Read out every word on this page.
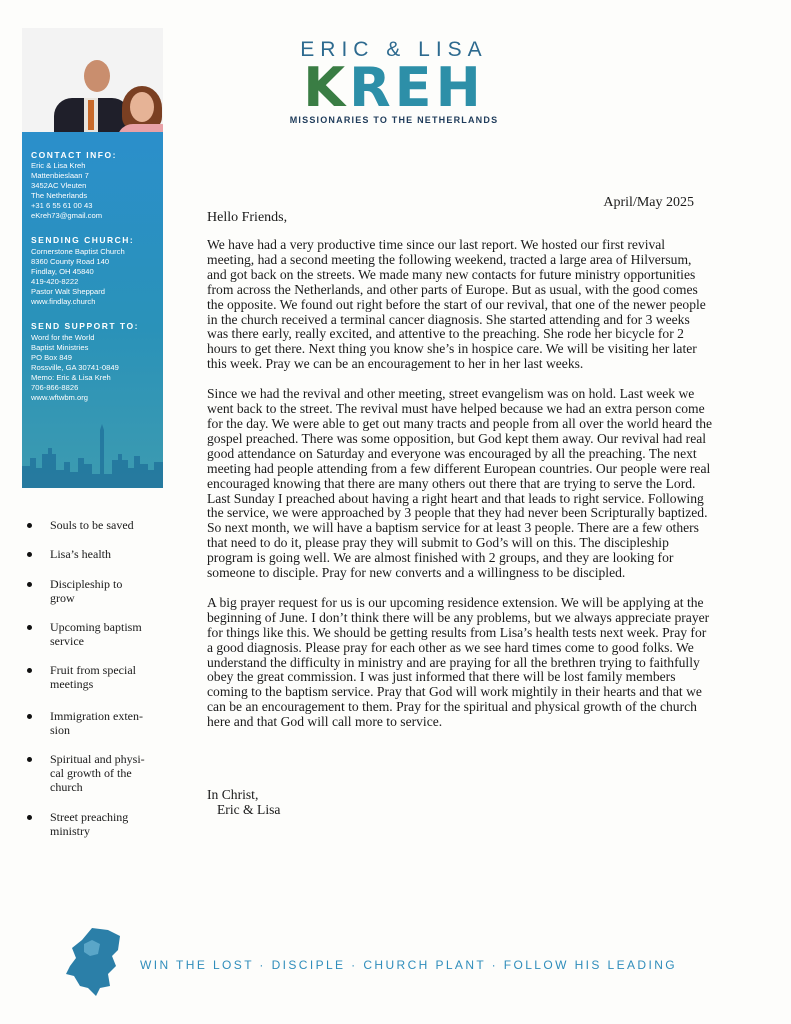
ERIC & LISA
KREH
MISSIONARIES TO THE NETHERLANDS
CONTACT INFO:
Eric & Lisa Kreh
Mattenbieslaan 7
3452AC Vleuten
The Netherlands
+31 6 55 61 00 43
eKreh73@gmail.com
SENDING CHURCH:
Cornerstone Baptist Church
8360 County Road 140
Findlay, OH 45840
419-420-8222
Pastor Walt Sheppard
www.findlay.church
SEND SUPPORT TO:
Word for the World
Baptist Ministries
PO Box 849
Rossville, GA 30741-0849
Memo: Eric & Lisa Kreh
706-866-8826
www.wftwbm.org
Souls to be saved
Lisa’s health
Discipleship to
grow
Upcoming baptism
service
Fruit from special
meetings
Immigration exten-
sion
Spiritual and physi-
cal growth of the
church
Street preaching
ministry
April/May 2025
Hello Friends,

We have had a very productive time since our last report. We hosted our first revival meeting, had a second meeting the following weekend, tracted a large area of Hilversum, and got back on the streets. We made many new contacts for future ministry opportunities from across the Netherlands, and other parts of Europe. But as usual, with the good comes the opposite. We found out right before the start of our revival, that one of the newer people in the church received a terminal cancer diagnosis. She started attending and for 3 weeks was there early, really excited, and attentive to the preaching. She rode her bicycle for 2 hours to get there. Next thing you know she’s in hospice care. We will be visiting her later this week. Pray we can be an encouragement to her in her last weeks.

Since we had the revival and other meeting, street evangelism was on hold. Last week we went back to the street. The revival must have helped because we had an extra person come for the day. We were able to get out many tracts and people from all over the world heard the gospel preached. There was some opposition, but God kept them away. Our revival had real good attendance on Saturday and everyone was encouraged by all the preaching. The next meeting had people attending from a few different European countries. Our people were real encouraged knowing that there are many others out there that are trying to serve the Lord. Last Sunday I preached about having a right heart and that leads to right service. Following the service, we were approached by 3 people that they had never been Scripturally baptized. So next month, we will have a baptism service for at least 3 people. There are a few others that need to do it, please pray they will submit to God’s will on this. The discipleship program is going well. We are almost finished with 2 groups, and they are looking for someone to disciple. Pray for new converts and a willingness to be discipled.

A big prayer request for us is our upcoming residence extension. We will be applying at the beginning of June. I don’t think there will be any problems, but we always appreciate prayer for things like this. We should be getting results from Lisa’s health tests next week. Pray for a good diagnosis. Please pray for each other as we see hard times come to good folks. We understand the difficulty in ministry and are praying for all the brethren trying to faithfully obey the great commission. I was just informed that there will be lost family members coming to the baptism service. Pray that God will work mightily in their hearts and that we can be an encouragement to them. Pray for the spiritual and physical growth of the church here and that God will call more to service.

In Christ,
Eric & Lisa
WIN THE LOST · DISCIPLE · CHURCH PLANT · FOLLOW HIS LEADING
